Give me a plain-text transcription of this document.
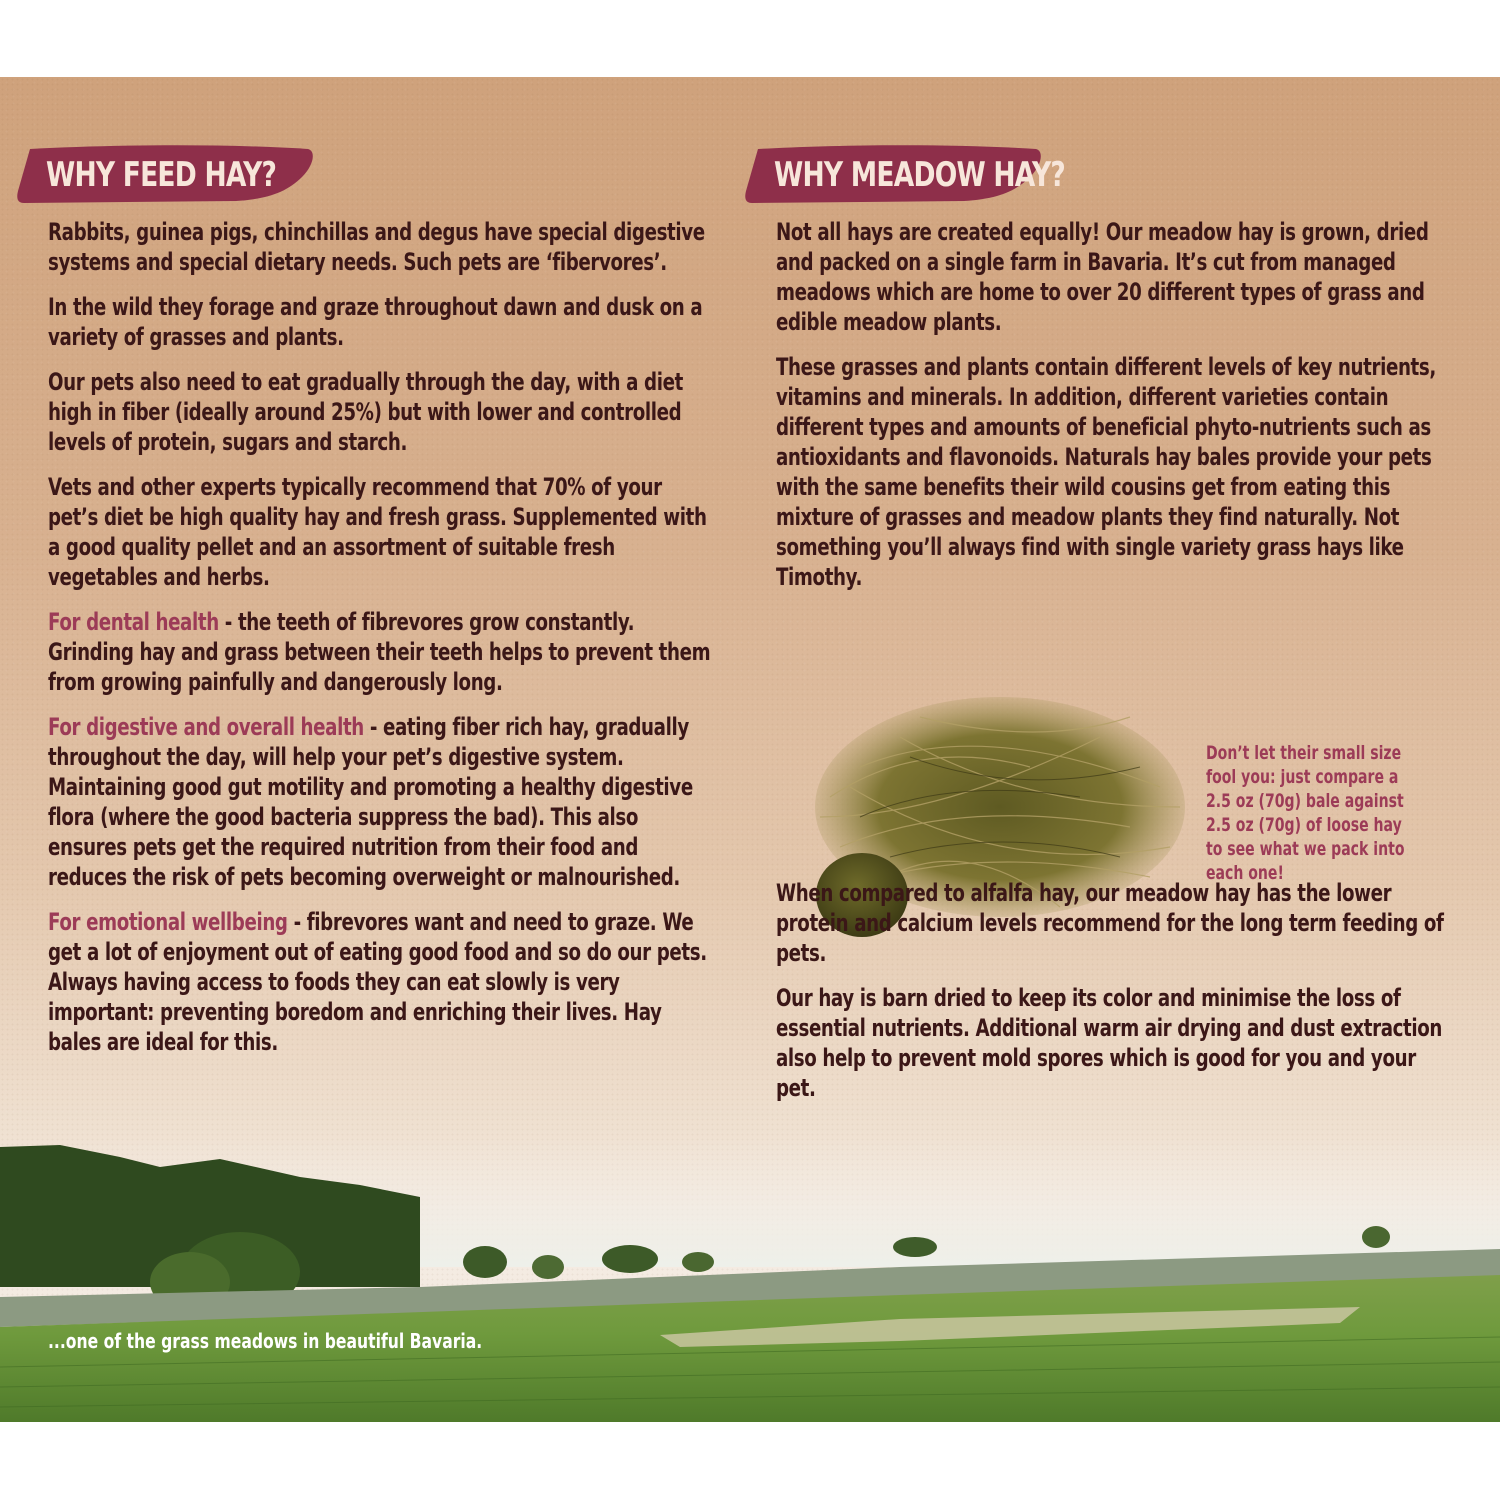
WHY FEED HAY?	WHY MEADOW HAY?

Rabbits, guinea pigs, chinchillas and degus have special digestive systems and special dietary needs. Such pets are ‘fibervores’.

In the wild they forage and graze throughout dawn and dusk on a variety of grasses and plants.

Our pets also need to eat gradually through the day, with a diet high in fiber (ideally around 25%) but with lower and controlled levels of protein, sugars and starch.

Vets and other experts typically recommend that 70% of your pet’s diet be high quality hay and fresh grass. Supplemented with a good quality pellet and an assortment of suitable fresh vegetables and herbs.

For dental health - the teeth of fibrevores grow constantly. Grinding hay and grass between their teeth helps to prevent them from growing painfully and dangerously long.

For digestive and overall health - eating fiber rich hay, gradually throughout the day, will help your pet’s digestive system. Maintaining good gut motility and promoting a healthy digestive flora (where the good bacteria suppress the bad). This also ensures pets get the required nutrition from their food and reduces the risk of pets becoming overweight or malnourished.

For emotional wellbeing - fibrevores want and need to graze. We get a lot of enjoyment out of eating good food and so do our pets. Always having access to foods they can eat slowly is very important: preventing boredom and enriching their lives. Hay bales are ideal for this.

Not all hays are created equally! Our meadow hay is grown, dried and packed on a single farm in Bavaria. It’s cut from managed meadows which are home to over 20 different types of grass and edible meadow plants.

These grasses and plants contain different levels of key nutrients, vitamins and minerals. In addition, different varieties contain different types and amounts of beneficial phyto-nutrients such as antioxidants and flavonoids. Naturals hay bales provide your pets with the same benefits their wild cousins get from eating this mixture of grasses and meadow plants they find naturally. Not something you’ll always find with single variety grass hays like Timothy.

Don’t let their small size
fool you: just compare a
2.5 oz (70g) bale against
2.5 oz (70g) of loose hay
to see what we pack into
each one!

When compared to alfalfa hay, our meadow hay has the lower protein and calcium levels recommend for the long term feeding of pets.

Our hay is barn dried to keep its color and minimise the loss of essential nutrients. Additional warm air drying and dust extraction also help to prevent mold spores which is good for you and your pet.

...one of the grass meadows in beautiful Bavaria.
